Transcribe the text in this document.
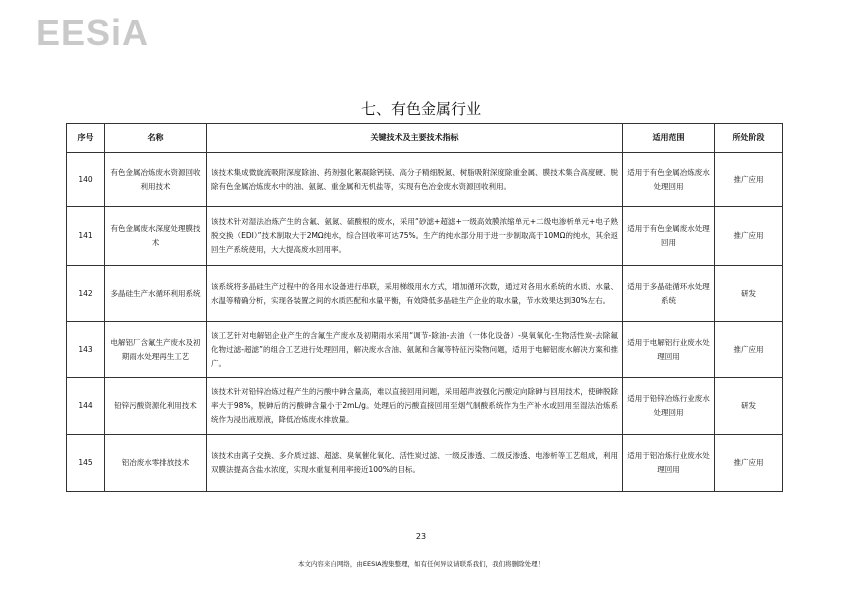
EESiA
七、有色金属行业
序号	名称	关键技术及主要技术指标	适用范围	所处阶段
140	有色金属冶炼废水资源回收利用技术	该技术集成微旋流吸附深度除油、药剂强化絮凝除钙镁、高分子精细脱氮、树脂吸附深度除重金属、膜技术集合高度硬、脱除有色金属冶炼废水中的油、氨氮、重金属和无机盐等，实现有色冶金废水资源回收利用。	适用于有色金属冶炼废水处理回用	推广应用
141	有色金属废水深度处理膜技术	该技术针对湿法冶炼产生的含氟、氨氮、硫酸根的废水，采用“砂滤+超滤+一级高效膜浓缩单元+二级电渗析单元+电子熟脱交换（EDI）”技术制取大于2MΩ纯水，综合回收率可达75%。生产的纯水部分用于进一步制取高于10MΩ的纯水，其余返回生产系统使用，大大提高废水回用率。	适用于有色金属废水处理回用	推广应用
142	多晶硅生产水循环利用系统	该系统将多晶硅生产过程中的各用水设备进行串联，采用梯级用水方式，增加循环次数，通过对各用水系统的水质、水量、水温等精确分析，实现各装置之间的水质匹配和水量平衡，有效降低多晶硅生产企业的取水量，节水效果达到30%左右。	适用于多晶硅循环水处理系统	研发
143	电解铝厂含氟生产废水及初期雨水处理再生工艺	该工艺针对电解铝企业产生的含氟生产废水及初期雨水采用“调节-除油-去油（一体化设备）-臭氧氧化-生物活性炭-去除氟化物过滤-超滤”的组合工艺进行处理回用，解决废水含油、氨氮和含氟等特征污染物问题，适用于电解铝废水解决方案和推广。	适用于电解铝行业废水处理回用	推广应用
144	铅锌污酸资源化利用技术	该技术针对铅锌冶炼过程产生的污酸中砷含量高，难以直接回用问题，采用超声波强化污酸定向除砷与回用技术，使砷脱除率大于98%，脱砷后的污酸砷含量小于2mL/g。处理后的污酸直接回用至烟气制酸系统作为生产补水或回用至湿法冶炼系统作为浸出液原液，降低冶炼废水排放量。	适用于铅锌冶炼行业废水处理回用	研发
145	铝冶废水零排放技术	该技术由离子交换、多介质过滤、超滤、臭氧催化氧化、活性炭过滤、一级反渗透、二级反渗透、电渗析等工艺组成，利用双膜法提高含盐水浓度，实现水重复利用率接近100%的目标。	适用于铝冶炼行业废水处理回用	推广应用
23
本文内容来自网络，由EESIA搜集整理，如有任何异议请联系我们，我们将删除处理！
